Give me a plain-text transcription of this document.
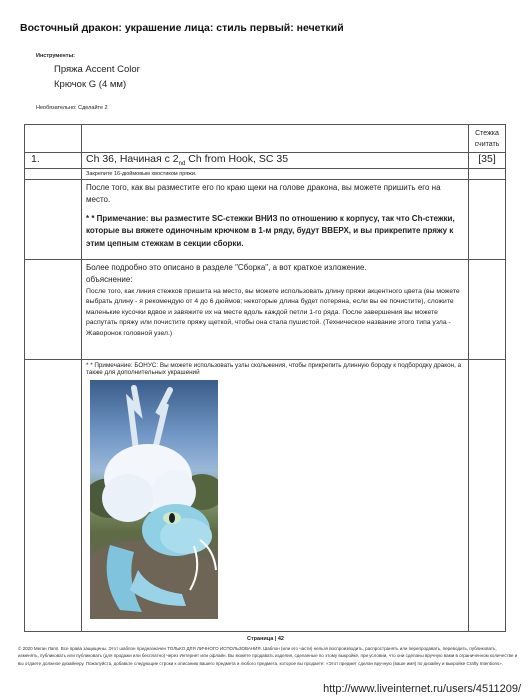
Восточный дракон: украшение лица: стиль первый: нечеткий
Инструменты:
Пряжа Accent Color
Крючок G (4 мм)
Необязательно: Сделайте 2
		Стежка
считать
1.	Ch 36, Начиная с $2_{nd}$ Ch from Hook, SC 35	[35]
	Закрепите 16-дюймовым хвостиком пряжи.	

	После того, как вы разместите его по краю щеки на голове дракона, вы можете пришить его на место.
* * Примечание: вы разместите SC-стежки ВНИЗ по отношению к корпусу, так что Ch-стежки, которые вы вяжете одиночным крючком в 1-м ряду, будут ВВЕРХ, и вы прикрепите пряжу к этим цепным стежкам в секции сборки.	

	Более подробно это описано в разделе "Сборка", а вот краткое изложение.
объяснение:
После того, как линия стежков пришита на место, вы можете использовать длину пряжи акцентного цвета (вы можете выбрать длину - я рекомендую от 4 до 6 дюймов; некоторые длина будет потеряна, если вы ее почистите), сложите маленькие кусочки вдвое и завяжите их на месте вдоль каждой петли 1-го ряда. После завершения вы можете распутать пряжу или почистите пряжу щеткой, чтобы она стала пушистой. (Техническое название этого типа узла - Жаворонок головной узел.)	

	* * Примечание: БОНУС: Вы можете использовать узлы скольжения, чтобы прикрепить длинную бороду к подбородку дракон, а также для дополнительных украшений	

Страница | 42
© 2020 Меган Лапп. Все права защищены. Этот шаблон предназначен ТОЛЬКО ДЛЯ ЛИЧНОГО ИСПОЛЬЗОВАНИЯ. Шаблон (или его части) нельзя воспроизводить, распространять или перепродавать, переводить, публиковать, изменять, публиковать или публиковать (для продажи или бесплатно) через Интернет или офлайн. Вы можете продавать изделия, сделанные по этому выкройке, при условии, что они сделаны вручную вами в ограниченном количестве и вы отдаете должное дизайнеру. Пожалуйста, добавьте следующие строки к описанию вашего предмета и любого предмета, которое вы продаете: «Этот предмет сделан вручную (ваше имя) по дизайну и выкройке Crafty Intentions».
http://www.liveinternet.ru/users/4511209/
